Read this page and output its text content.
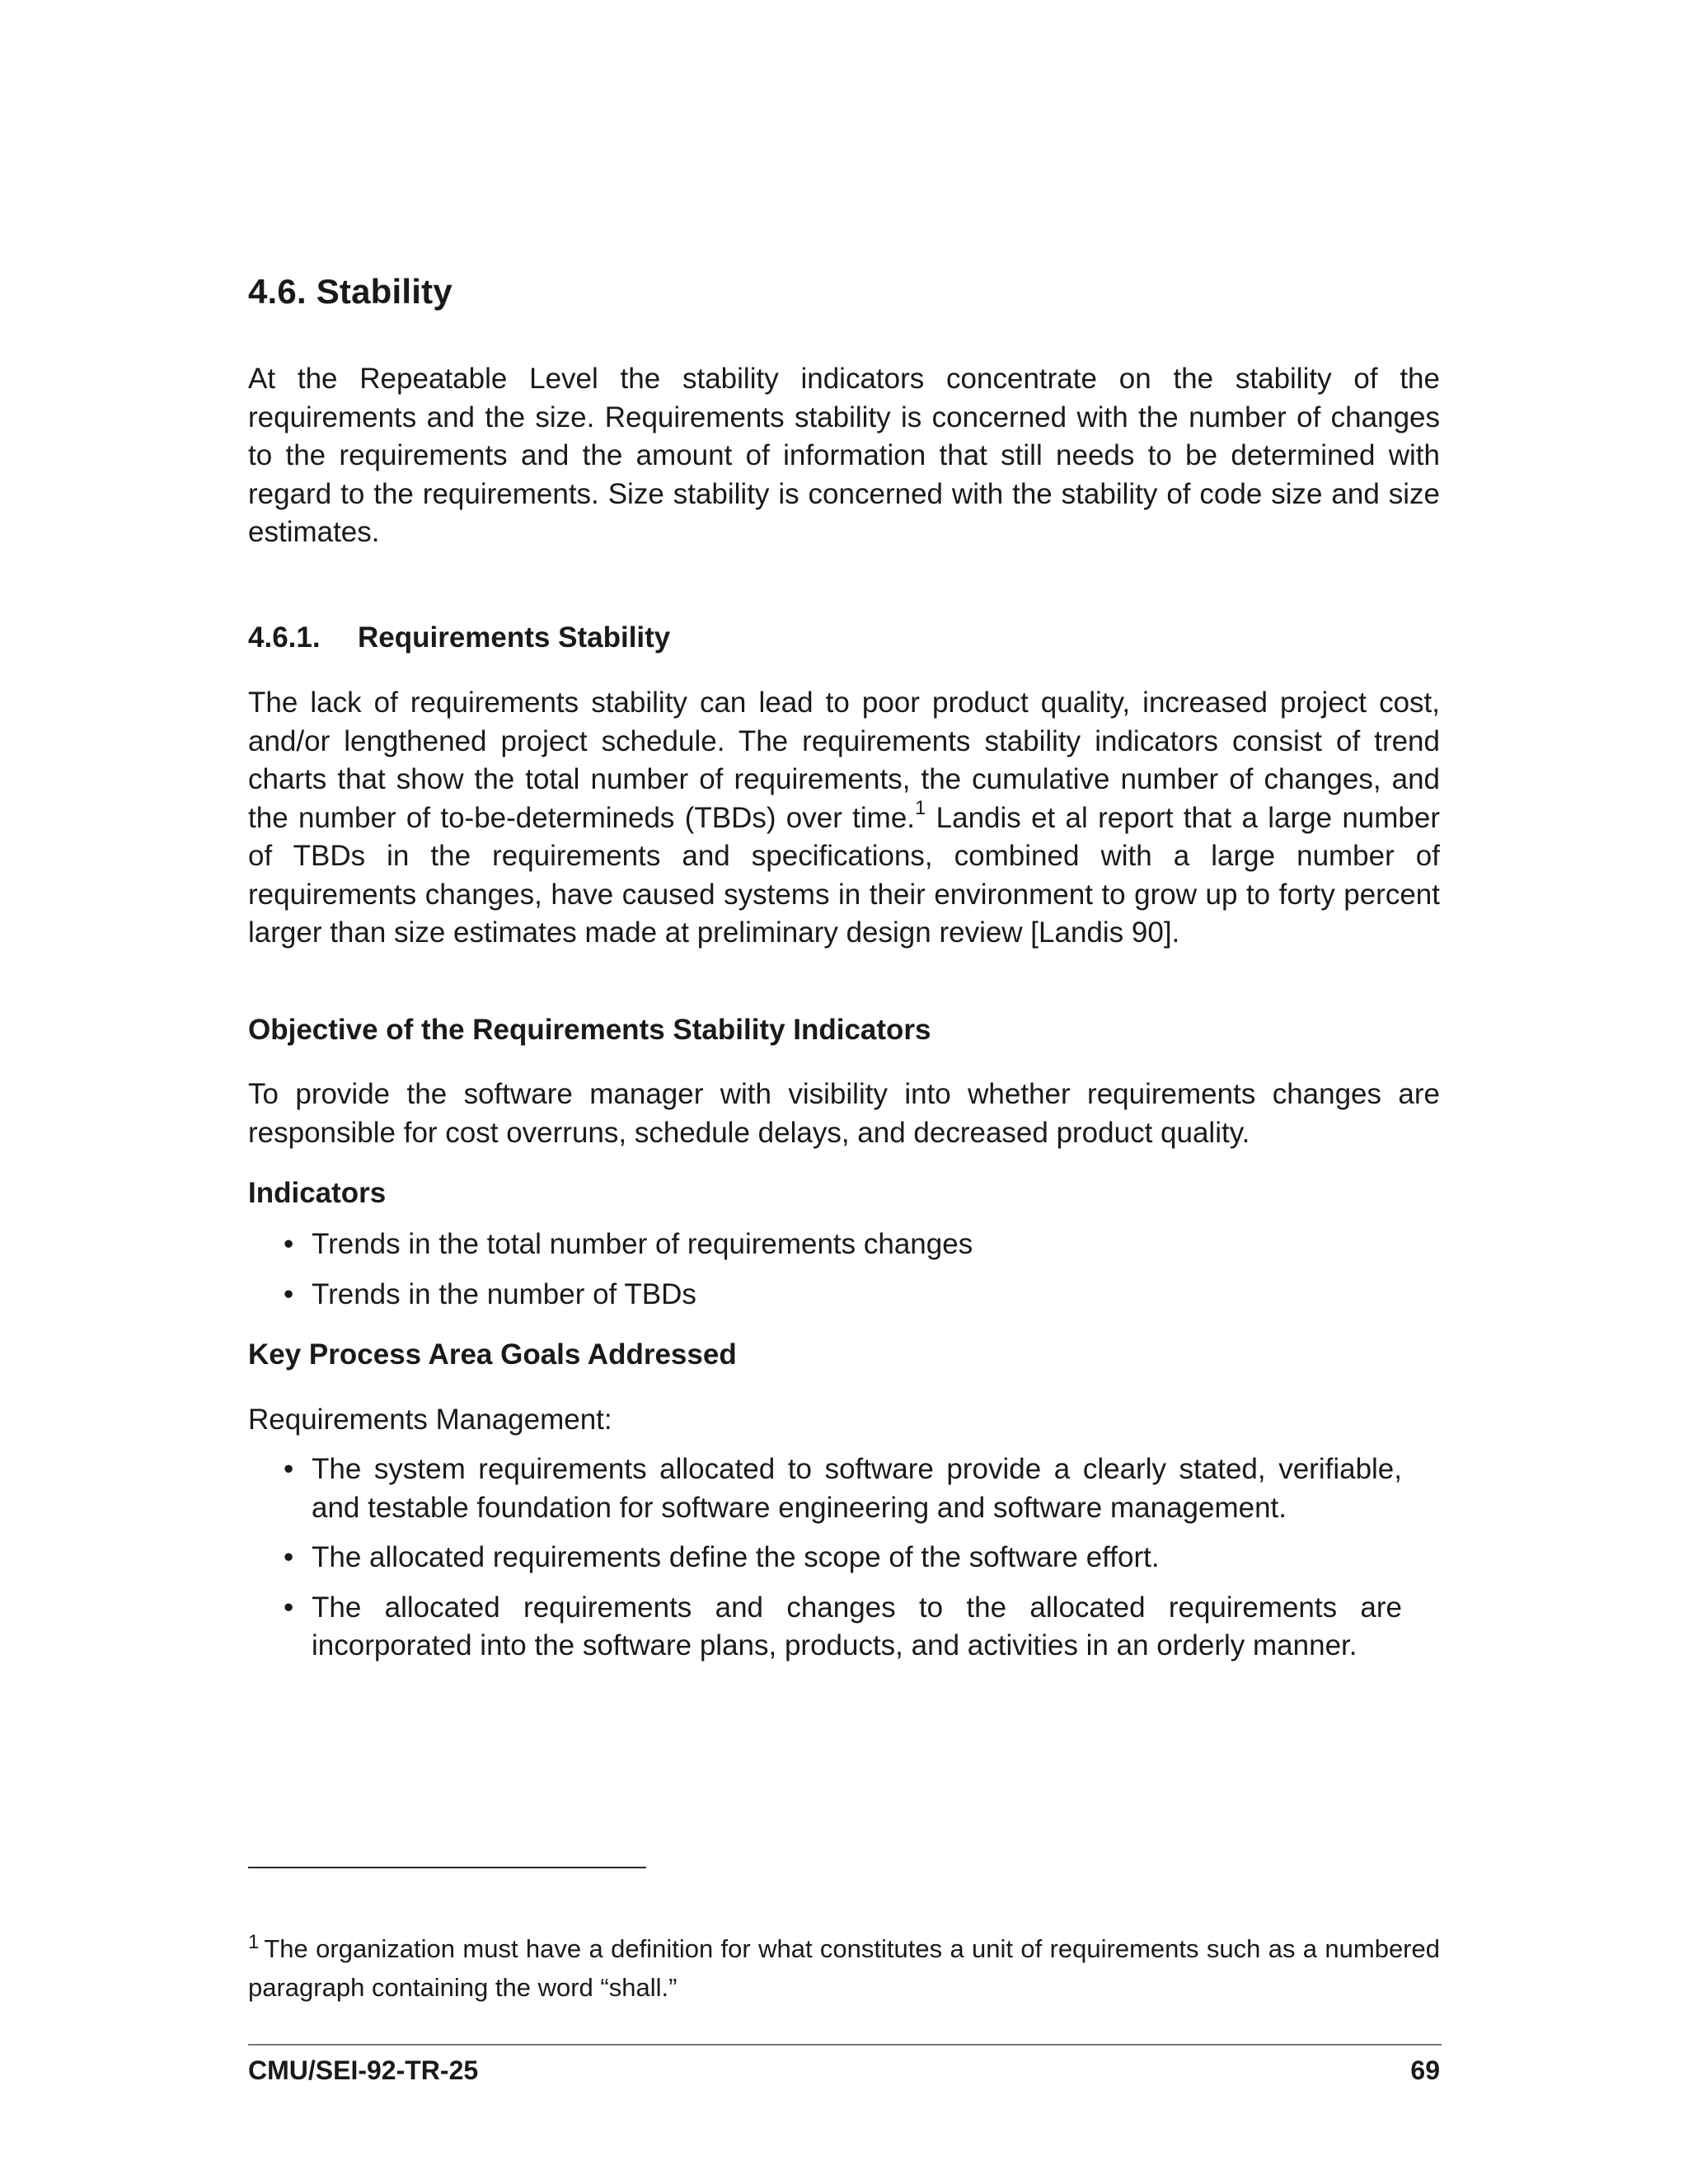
4.6. Stability

At the Repeatable Level the stability indicators concentrate on the stability of the requirements and the size. Requirements stability is concerned with the number of changes to the requirements and the amount of information that still needs to be determined with regard to the requirements. Size stability is concerned with the stability of code size and size estimates.

4.6.1. Requirements Stability

The lack of requirements stability can lead to poor product quality, increased project cost, and/or lengthened project schedule. The requirements stability indicators consist of trend charts that show the total number of requirements, the cumulative number of changes, and the number of to-be-determineds (TBDs) over time.$^1$ Landis et al report that a large number of TBDs in the requirements and specifications, combined with a large number of requirements changes, have caused systems in their environment to grow up to forty percent larger than size estimates made at preliminary design review [Landis 90].

Objective of the Requirements Stability Indicators

To provide the software manager with visibility into whether requirements changes are responsible for cost overruns, schedule delays, and decreased product quality.

Indicators
• Trends in the total number of requirements changes
• Trends in the number of TBDs
Key Process Area Goals Addressed

Requirements Management:

• The system requirements allocated to software provide a clearly stated, verifiable, and testable foundation for software engineering and software management.
• The allocated requirements define the scope of the software effort.
• The allocated requirements and changes to the allocated requirements are incorporated into the software plans, products, and activities in an orderly manner.

$^1$ The organization must have a definition for what constitutes a unit of requirements such as a numbered paragraph containing the word “shall.”

CMU/SEI-92-TR-25	69
